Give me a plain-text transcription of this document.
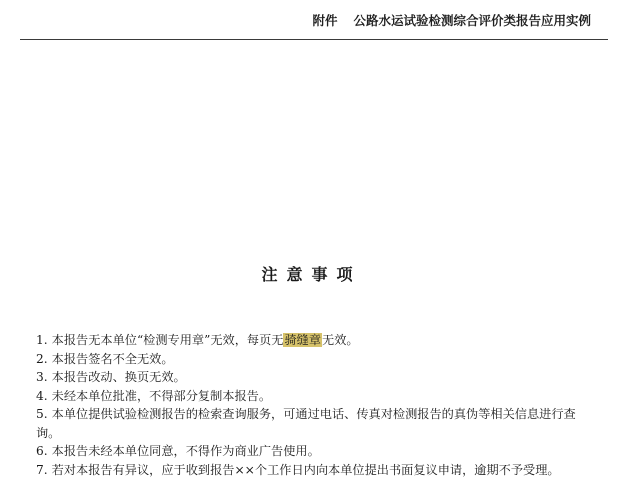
附件 公路水运试验检测综合评价类报告应用实例
注意事项
1. 本报告无本单位“检测专用章”无效，每页无骑缝章无效。
2. 本报告签名不全无效。
3. 本报告改动、换页无效。
4. 未经本单位批准，不得部分复制本报告。
5. 本单位提供试验检测报告的检索查询服务，可通过电话、传真对检测报告的真伪等相关信息进行查询。
6. 本报告未经本单位同意，不得作为商业广告使用。
7. 若对本报告有异议，应于收到报告××个工作日内向本单位提出书面复议申请，逾期不予受理。
